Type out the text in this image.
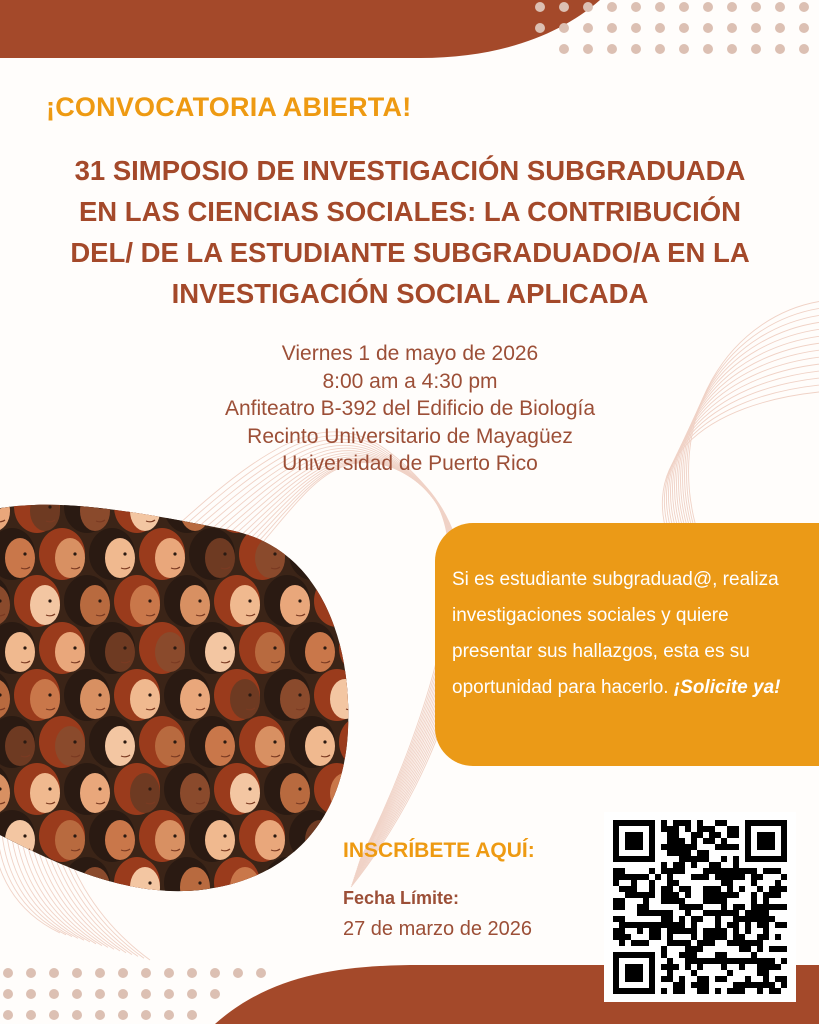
¡CONVOCATORIA ABIERTA!

31 SIMPOSIO DE INVESTIGACIÓN SUBGRADUADA
EN LAS CIENCIAS SOCIALES: LA CONTRIBUCIÓN
DEL/ DE LA ESTUDIANTE SUBGRADUADO/A EN LA
INVESTIGACIÓN SOCIAL APLICADA
Viernes 1 de mayo de 2026
8:00 am a 4:30 pm
Anfiteatro B-392 del Edificio de Biología
Recinto Universitario de Mayagüez
Universidad de Puerto Rico
Si es estudiante subgraduad@, realiza investigaciones sociales y quiere presentar sus hallazgos, esta es su oportunidad para hacerlo. ¡Solicite ya!

INSCRÍBETE AQUÍ:

Fecha Límite:
27 de marzo de 2026
